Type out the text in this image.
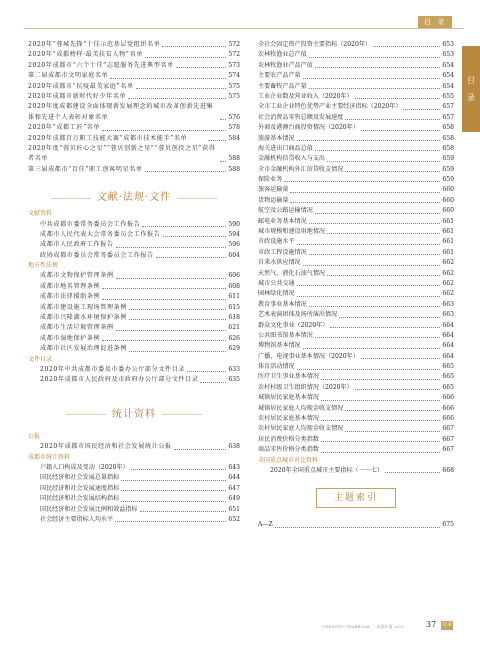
目 录
目
录
2020年“蓉城先锋”十佳示范基层党组织名单	572
2020年“成都榜样·最美扶贫人物”名单	572
2020年成都市“六个十佳”志愿服务先进典型名单	573
第二届成都市文明家庭名单	574
2020年成都市“抗疫最美家庭”名单	575
2020年成都市新时代好少年名单	575
2020年度成都建设全面体现新发展理念的城市改革创新先进集体和先进个人表彰对象名单	576
2020年“成都工匠”名单	578
2020年成都百万职工技能大赛“成都市技术能手”名单	584
2020年度“蓉贝匠心之星”“蓉贝创新之星”“蓉贝创投之星”获得者名单	588
第三届成都市“百佳”职工创客明星名单	588
文献·法规·文件
文献资料
中共成都市委常务委员会工作报告	590
成都市人民代表大会常务委员会工作报告	594
成都市人民政府工作报告	596
政协成都市委员会常务委员会工作报告	604
地方性法规
成都市文物保护管理条例	606
成都市地名管理条例	608
成都市法律援助条例	611
成都市建设施工现场管理条例	615
成都市兴隆湖水环境保护条例	618
成都市生活垃圾管理条例	621
成都市湿地保护条例	626
成都市社区发展治理促进条例	629
文件目录
2020年中共成都市委及市委办公厅部分文件目录	633
2020年成都市人民政府及市政府办公厅部分文件目录	635
统计资料
公报
2020年成都市国民经济和社会发展统计公报	638
成都市统计资料
户籍人口构成及变动（2020年）	643
国民经济和社会发展总量指标	644
国民经济和社会发展速度指标	647
国民经济和社会发展结构指标	649
国民经济和社会发展比例和效益指标	651
社会经济主要指标人均水平	652
全社会固定资产投资主要指标（2020年）	653
农林牧渔业总产值	653
农林牧渔业产品产值	654
主要农产品产量	654
主要畜牧产品产量	654
工业企业数及营业收入（2020年）	655
全市工业企业特色优势产业主要经济指标（2020年）	657
社会消费品零售总额及发展速度	657
外商及港澳台商投资情况（2020年）	658
旅游基本情况	658
海关进出口商品总值	658
金融机构信贷收入与支出	659
全市金融机构外汇信贷收支情况	659
保险业务	659
旅客运输量	660
货物运输量	660
航空及公路运输情况	660
邮电业务基本情况	661
城市规模和建设用地情况	661
市政设施水平	661
市政工程设施情况	661
自来水供应情况	662
天然气、液化石油气情况	662
城市公共交通	662
园林绿化情况	662
教育事业基本情况	663
艺术表演团体及场所演出情况	663
群众文化事业（2020年）	664
公共图书馆基本情况	664
博物馆基本情况	664
广播、电视事业基本情况（2020年）	664
体育活动情况	665
医疗卫生事业基本情况	665
农村村级卫生组织情况（2020年）	665
城镇居民家庭基本情况	666
城镇居民家庭人均现金收支情况	666
农村居民家庭基本情况	666
农村居民家庭人均现金收支情况	667
居民消费价格分类指数	667
商品零售价格分类指数	667
全国重点城市对比资料
2020年全国重点城市主要指标（一～七）	668
主题索引
A—Z	675
CHENGDU YEARBOOK ｜ 成都年鉴 2021	37 目录
